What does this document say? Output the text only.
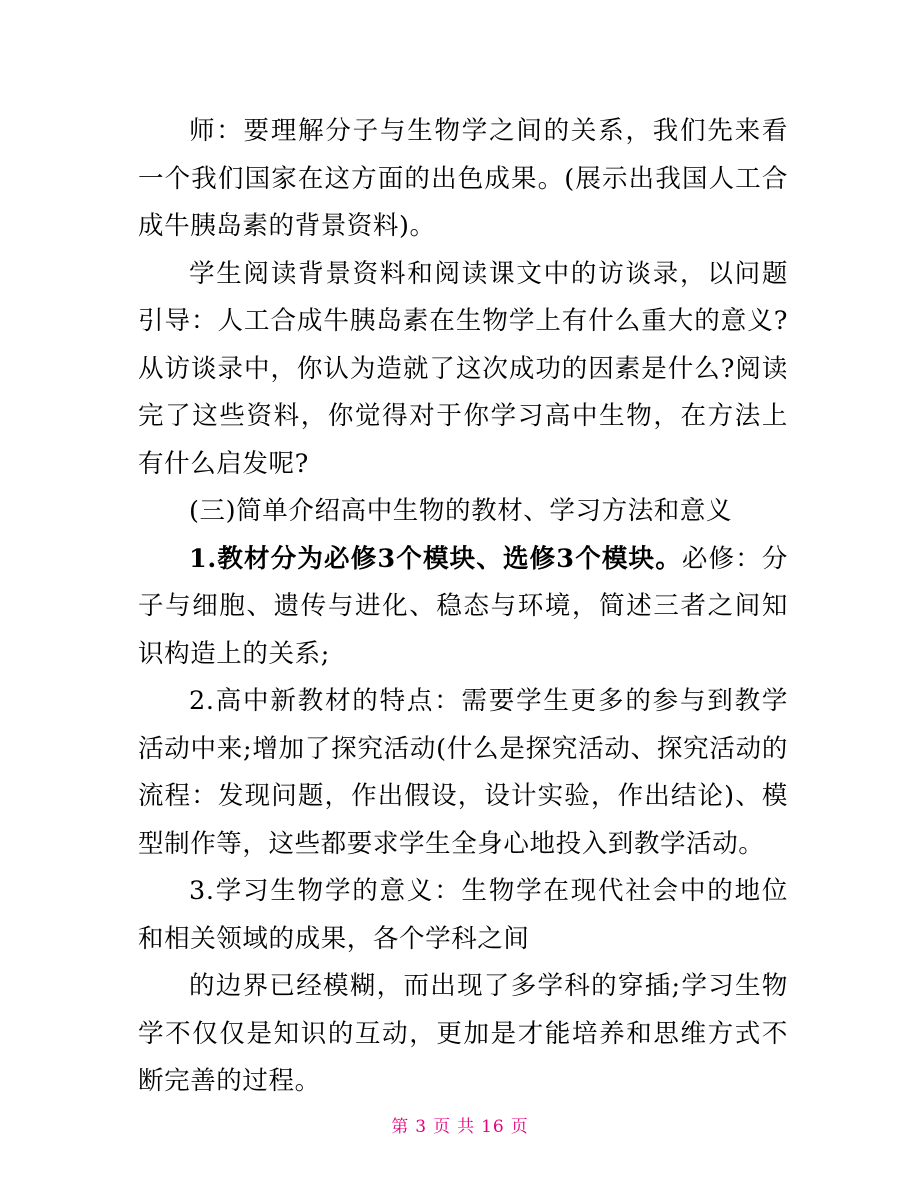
师：要理解分子与生物学之间的关系，我们先来看一个我们国家在这方面的出色成果。(展示出我国人工合成牛胰岛素的背景资料)。

学生阅读背景资料和阅读课文中的访谈录，以问题引导：人工合成牛胰岛素在生物学上有什么重大的意义?从访谈录中，你认为造就了这次成功的因素是什么?阅读完了这些资料，你觉得对于你学习高中生物，在方法上有什么启发呢?

(三)简单介绍高中生物的教材、学习方法和意义

1.教材分为必修3个模块、选修3个模块。必修：分子与细胞、遗传与进化、稳态与环境，简述三者之间知识构造上的关系;

2.高中新教材的特点：需要学生更多的参与到教学活动中来;增加了探究活动(什么是探究活动、探究活动的流程：发现问题，作出假设，设计实验，作出结论)、模型制作等，这些都要求学生全身心地投入到教学活动。

3.学习生物学的意义：生物学在现代社会中的地位和相关领域的成果，各个学科之间

的边界已经模糊，而出现了多学科的穿插;学习生物学不仅仅是知识的互动，更加是才能培养和思维方式不断完善的过程。

第 3 页 共 16 页
